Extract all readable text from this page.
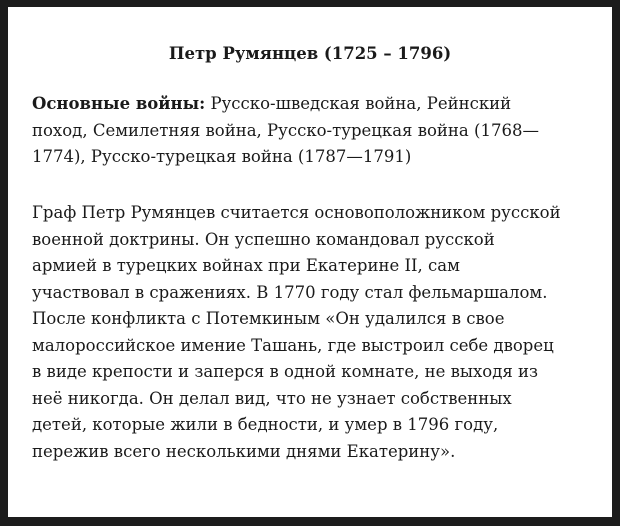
Петр Румянцев (1725 – 1796)

Основные войны: Русско-шведская война, Рейнский
поход, Семилетняя война, Русско-турецкая война (1768—
1774), Русско-турецкая война (1787—1791)

Граф Петр Румянцев считается основоположником русской
военной доктрины. Он успешно командовал русской
армией в турецких войнах при Екатерине II, сам
участвовал в сражениях. В 1770 году стал фельмаршалом.
После конфликта с Потемкиным «Он удалился в свое
малороссийское имение Ташань, где выстроил себе дворец
в виде крепости и заперся в одной комнате, не выходя из
неё никогда. Он делал вид, что не узнает собственных
детей, которые жили в бедности, и умер в 1796 году,
пережив всего несколькими днями Екатерину».
